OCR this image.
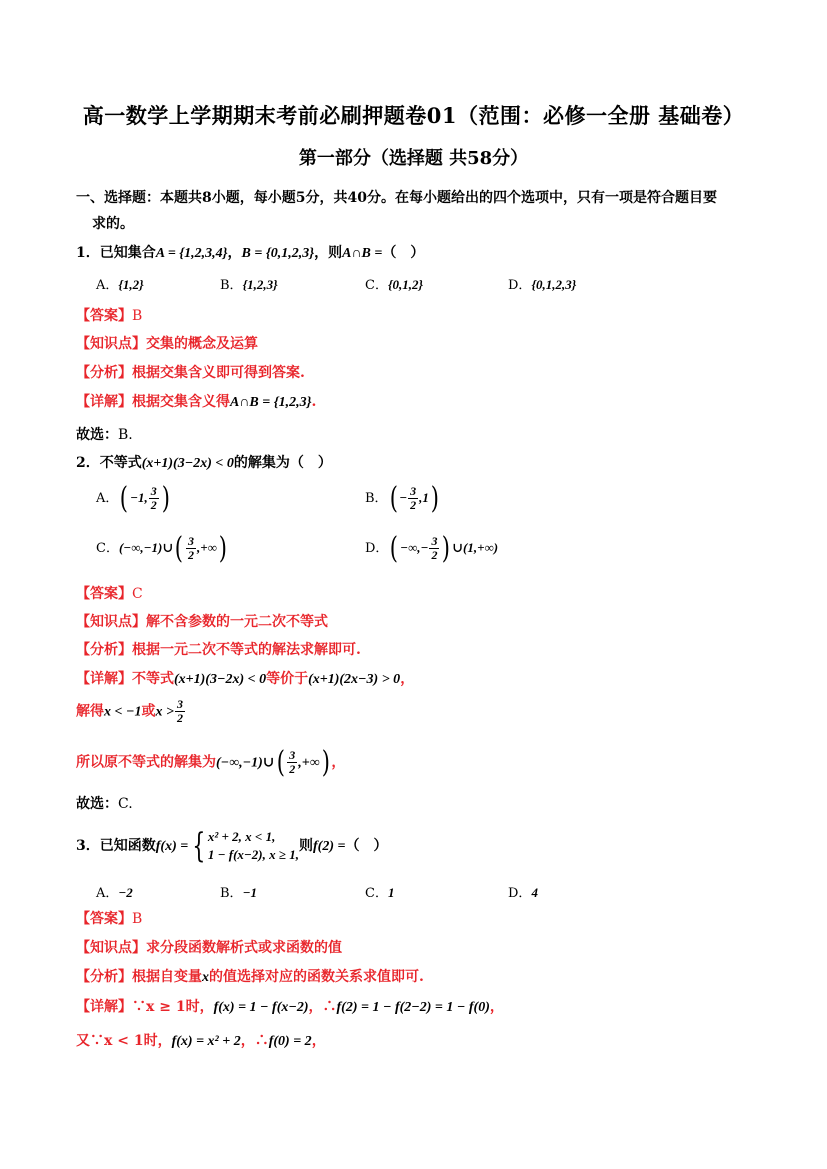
高一数学上学期期末考前必刷押题卷01（范围：必修一全册 基础卷）
第一部分（选择题 共58分）
一、选择题：本题共8小题，每小题5分，共40分。在每小题给出的四个选项中，只有一项是符合题目要
求的。
1．已知集合A = {1,2,3,4}，B = {0,1,2,3}，则A∩B =（　）
A．{1,2}	B．{1,2,3}	C．{0,1,2}	D．{0,1,2,3}
【答案】B
【知识点】交集的概念及运算
【分析】根据交集含义即可得到答案.
【详解】根据交集含义得A∩B = {1,2,3}.
故选：B.
2．不等式(x+1)(3−2x) < 0的解集为（　）
A．( −1, $\frac{3}{2}$ )	B．( − $\frac{3}{2} ,1$)
C．(−∞,−1)∪( $\frac{3}{2}$ ,+∞)	D．( −∞,− $\frac{3}{2}$ ) ∪(1,+∞)
【答案】C
【知识点】解不含参数的一元二次不等式
【分析】根据一元二次不等式的解法求解即可.
【详解】不等式(x+1)(3−2x) < 0等价于(x+1)(2x−3) > 0，
解得x < −1或$x > \frac{3}{2}$
所以原不等式的解集为(−∞,−1)∪( $\frac{3}{2}$ ,+∞) ，
故选：C.
3．已知函数f(x) = { x² + 2, x < 1,
1 − f(x−2), x ≥ 1,
则f(2) =（　）
A．−2	B．−1	C．1	D．4
【答案】B
【知识点】求分段函数解析式或求函数的值
【分析】根据自变量x的值选择对应的函数关系求值即可.
【详解】∵x ≥ 1时，f(x) = 1 − f(x−2)，∴f(2) = 1 − f(2−2) = 1 − f(0)，
又∵x < 1时，f(x) = x² + 2，∴f(0) = 2，
